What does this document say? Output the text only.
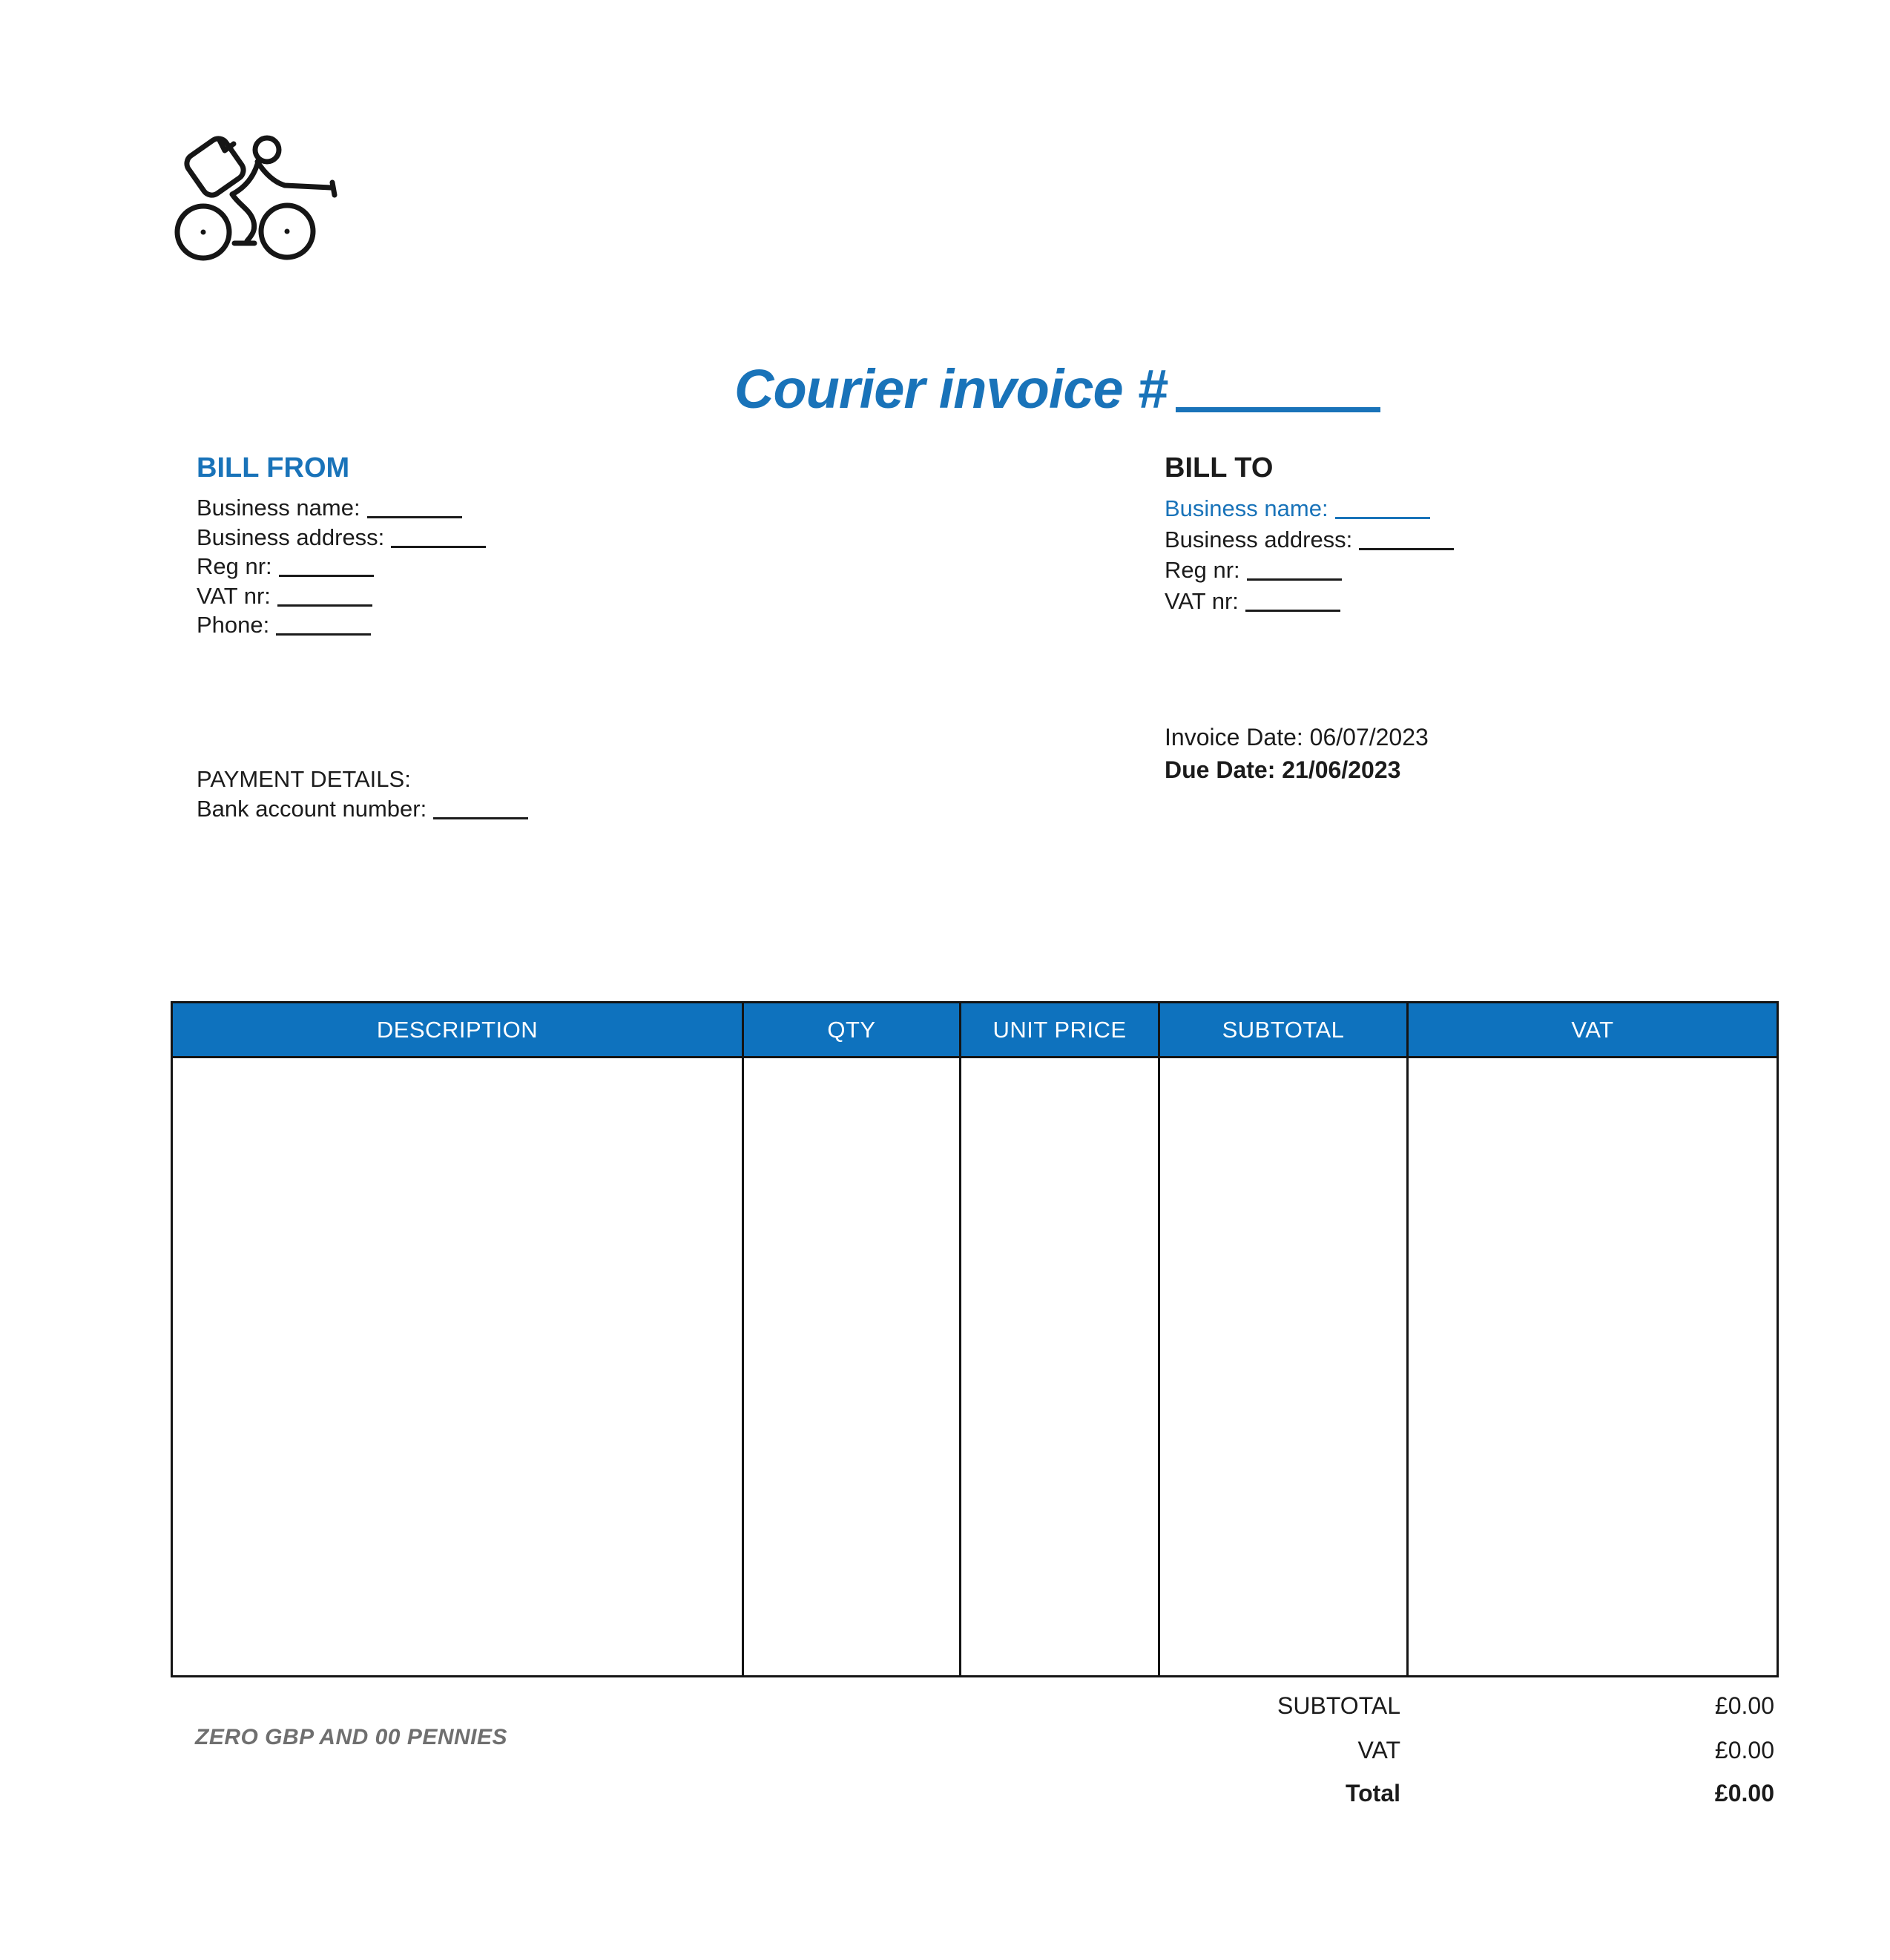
Courier invoice #
BILL FROM
Business name:
Business address:
Reg nr:
VAT nr:
Phone:
BILL TO
Business name:
Business address:
Reg nr:
VAT nr:
PAYMENT DETAILS:
Bank account number:
Invoice Date: 06/07/2023
Due Date: 21/06/2023
DESCRIPTION	QTY	UNIT PRICE	SUBTOTAL	VAT
SUBTOTAL	£0.00
VAT	£0.00
Total	£0.00
ZERO GBP AND 00 PENNIES
